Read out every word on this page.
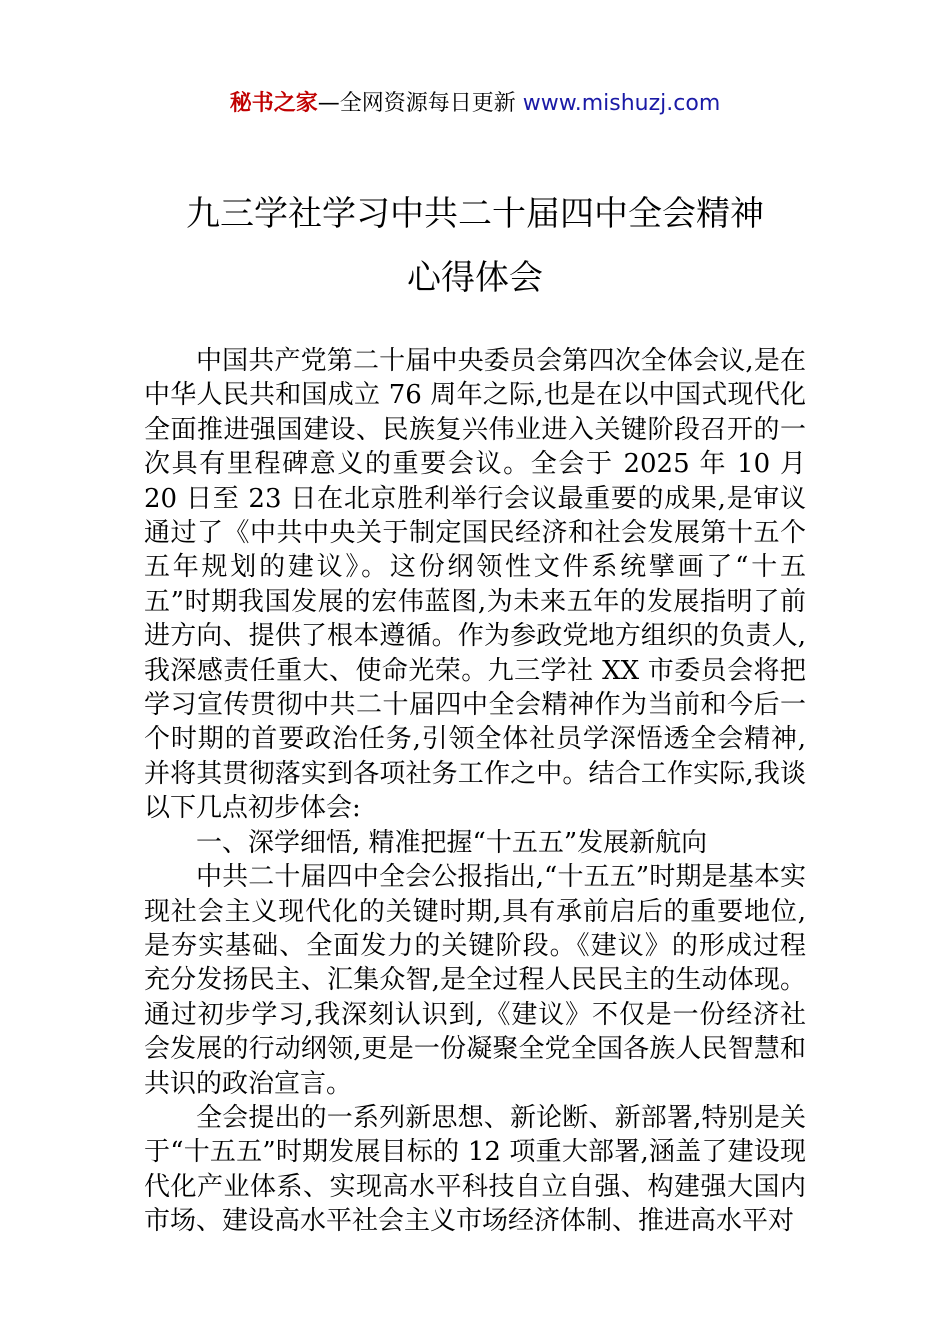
秘书之家—全网资源每日更新 www.mishuzj.com
九三学社学习中共二十届四中全会精神
心得体会

中国共产党第二十届中央委员会第四次全体会议,是在中华人民共和国成立 76 周年之际,也是在以中国式现代化全面推进强国建设、民族复兴伟业进入关键阶段召开的一次具有里程碑意义的重要会议。全会于 2025 年 10 月 20 日至 23 日在北京胜利举行会议最重要的成果,是审议通过了《中共中央关于制定国民经济和社会发展第十五个五年规划的建议》。这份纲领性文件系统擘画了“十五五”时期我国发展的宏伟蓝图,为未来五年的发展指明了前进方向、提供了根本遵循。作为参政党地方组织的负责人,我深感责任重大、使命光荣。九三学社 XX 市委员会将把学习宣传贯彻中共二十届四中全会精神作为当前和今后一个时期的首要政治任务,引领全体社员学深悟透全会精神,并将其贯彻落实到各项社务工作之中。结合工作实际,我谈以下几点初步体会:

一、深学细悟, 精准把握“十五五”发展新航向

中共二十届四中全会公报指出,“十五五”时期是基本实现社会主义现代化的关键时期,具有承前启后的重要地位,是夯实基础、全面发力的关键阶段。《建议》的形成过程充分发扬民主、汇集众智,是全过程人民民主的生动体现。通过初步学习,我深刻认识到,《建议》不仅是一份经济社会发展的行动纲领,更是一份凝聚全党全国各族人民智慧和共识的政治宣言。

全会提出的一系列新思想、新论断、新部署,特别是关于“十五五”时期发展目标的 12 项重大部署,涵盖了建设现代化产业体系、实现高水平科技自立自强、构建强大国内市场、建设高水平社会主义市场经济体制、推进高水平对
